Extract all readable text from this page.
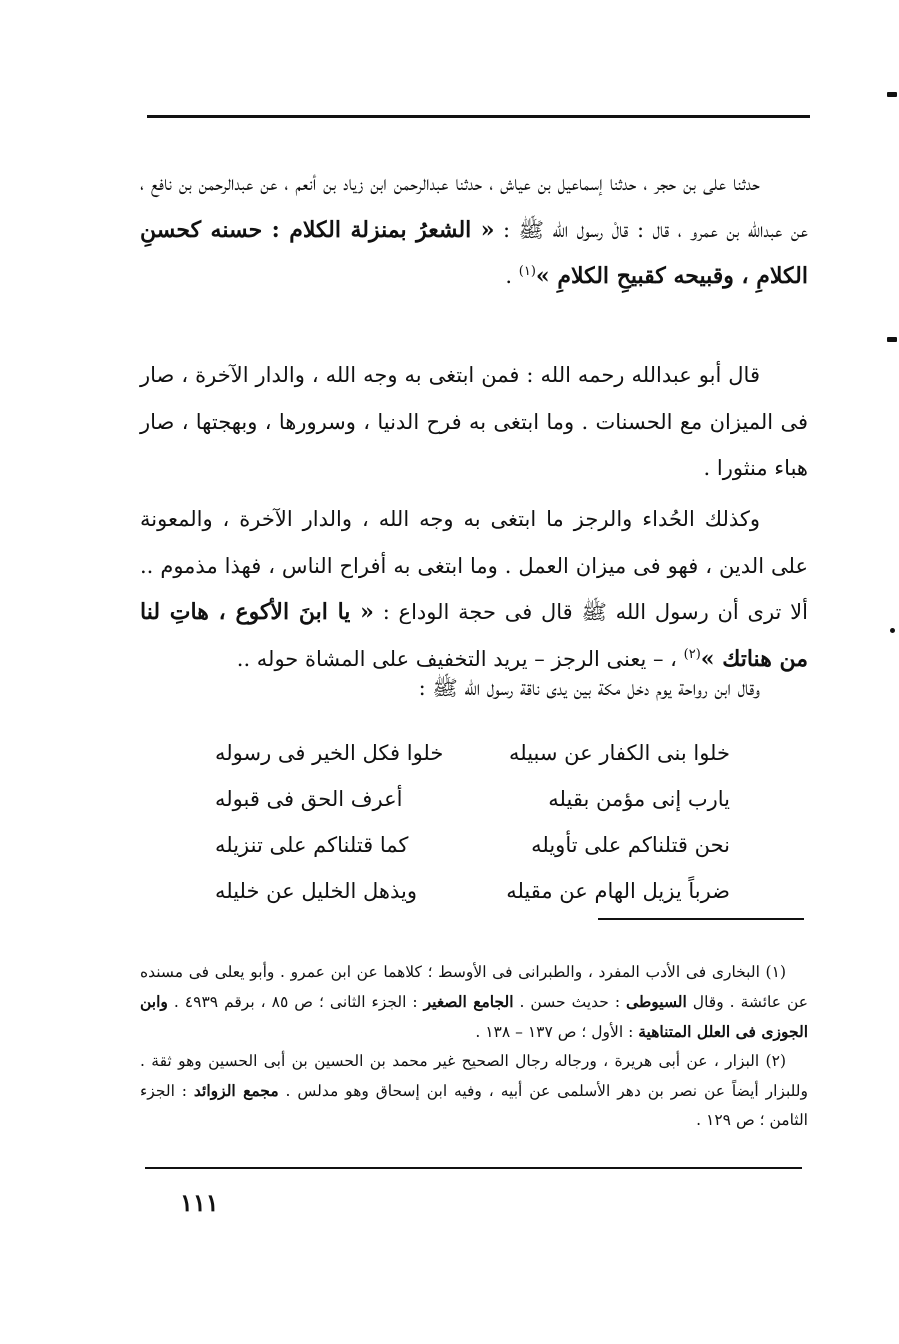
حدثنا على بن حجر ، حدثنا إسماعيل بن عياش ، حدثنا عبدالرحمن ابن زياد بن أنعم ، عن عبدالرحمن بن نافع ، عن عبدالله بن عمرو ، قال : قالْ رسول الله ﷺ : « الشعرُ بمنزلة الكلام : حسنه كحسنِ الكلامِ ، وقبيحه كقبيحِ الكلامِ »$^{(١)}$ .

قال أبو عبدالله رحمه الله : فمن ابتغى به وجه الله ، والدار الآخرة ، صار فى الميزان مع الحسنات . وما ابتغى به فرح الدنيا ، وسرورها ، وبهجتها ، صار هباء منثورا .

وكذلك الحُداء والرجز ما ابتغى به وجه الله ، والدار الآخرة ، والمعونة على الدين ، فهو فى ميزان العمل . وما ابتغى به أفراح الناس ، فهذا مذموم .. ألا ترى أن رسول الله ﷺ قال فى حجة الوداع : « يا ابنَ الأكوع ، هاتِ لنا من هناتك »$^{(٢)}$ ، – يعنى الرجز – يريد التخفيف على المشاة حوله ..

وقال ابن رواحة يوم دخل مكة بين يدى ناقة رسول الله ﷺ :

خلوا بنى الكفار عن سبيله
خلوا فكل الخير فى رسوله
يارب إنى مؤمن بقيله
أعرف الحق فى قبوله
نحن قتلناكم على تأويله
كما قتلناكم على تنزيله
ضرباً يزيل الهام عن مقيله
ويذهل الخليل عن خليله

(١) البخارى فى الأدب المفرد ، والطبرانى فى الأوسط ؛ كلاهما عن ابن عمرو . وأبو يعلى فى مسنده عن عائشة . وقال السيوطى : حديث حسن . الجامع الصغير : الجزء الثانى ؛ ص ٨٥ ، برقم ٤٩٣٩ . وابن الجوزى فى العلل المتناهية : الأول ؛ ص ١٣٧ – ١٣٨ .

(٢) البزار ، عن أبى هريرة ، ورجاله رجال الصحيح غير محمد بن الحسين بن أبى الحسين وهو ثقة . وللبزار أيضاً عن نصر بن دهر الأسلمى عن أبيه ، وفيه ابن إسحاق وهو مدلس . مجمع الزوائد : الجزء الثامن ؛ ص ١٢٩ .

١١١
